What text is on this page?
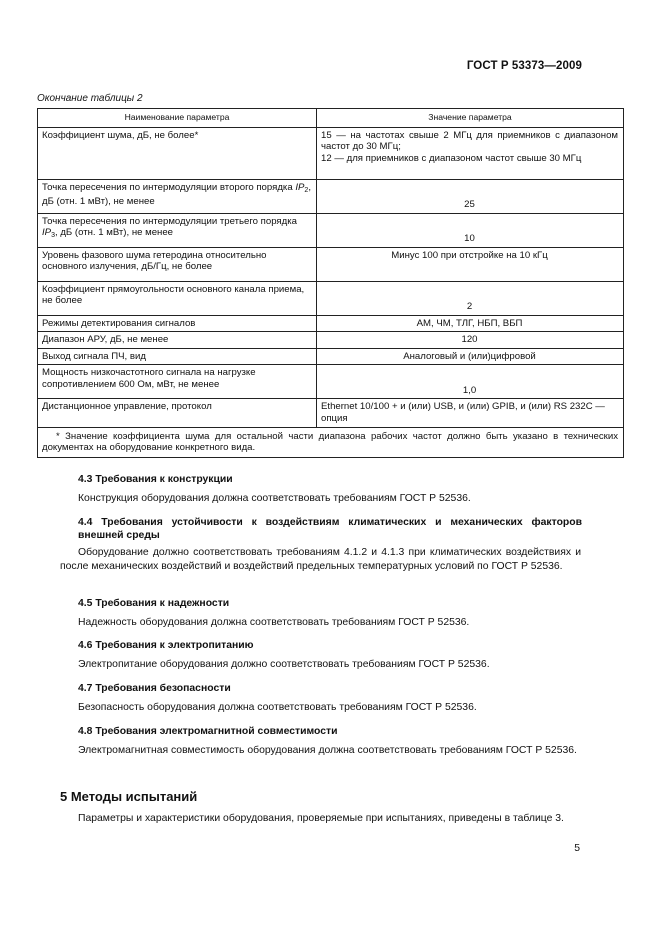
ГОСТ Р 53373—2009
Окончание таблицы 2
Наименование параметра	Значение параметра
Коэффициент шума, дБ, не более*	15 — на частотах свыше 2 МГц для приемников с диапазоном частот до 30 МГц;
12 — для приемников с диапазоном частот свыше 30 МГц

Точка пересечения по интермодуляции второго порядка $IP_2$, дБ (отн. 1 мВт), не менее	25
Точка пересечения по интермодуляции третьего порядка $IP_3$, дБ (отн. 1 мВт), не менее	10
Уровень фазового шума гетеродина относительно основного излучения, дБ/Гц, не более	Минус 100 при отстройке на 10 кГц
Коэффициент прямоугольности основного канала приема, не более	2
Режимы детектирования сигналов	АМ, ЧМ, ТЛГ, НБП, ВБП
Диапазон АРУ, дБ, не менее	120
Выход сигнала ПЧ, вид	Аналоговый и (или)цифровой
Мощность низкочастотного сигнала на нагрузке сопротивлением 600 Ом, мВт, не менее	1,0
Дистанционное управление, протокол	Ethernet 10/100 + и (или) USB, и (или) GPIB, и (или) RS 232C — опция
* Значение коэффициента шума для остальной части диапазона рабочих частот должно быть указано в технических документах на оборудование конкретного вида.	
4.3 Требования к конструкции
Конструкция оборудования должна соответствовать требованиям ГОСТ Р 52536.
4.4 Требования устойчивости к воздействиям климатических и механических факторов внешней среды
Оборудование должно соответствовать требованиям 4.1.2 и 4.1.3 при климатических воздействиях и после механических воздействий и воздействий предельных температурных условий по ГОСТ Р 52536.
4.5 Требования к надежности
Надежность оборудования должна соответствовать требованиям ГОСТ Р 52536.
4.6 Требования к электропитанию
Электропитание оборудования должно соответствовать требованиям ГОСТ Р 52536.
4.7 Требования безопасности
Безопасность оборудования должна соответствовать требованиям ГОСТ Р 52536.
4.8 Требования электромагнитной совместимости
Электромагнитная совместимость оборудования должна соответствовать требованиям ГОСТ Р 52536.
5 Методы испытаний
Параметры и характеристики оборудования, проверяемые при испытаниях, приведены в таблице 3.
5
